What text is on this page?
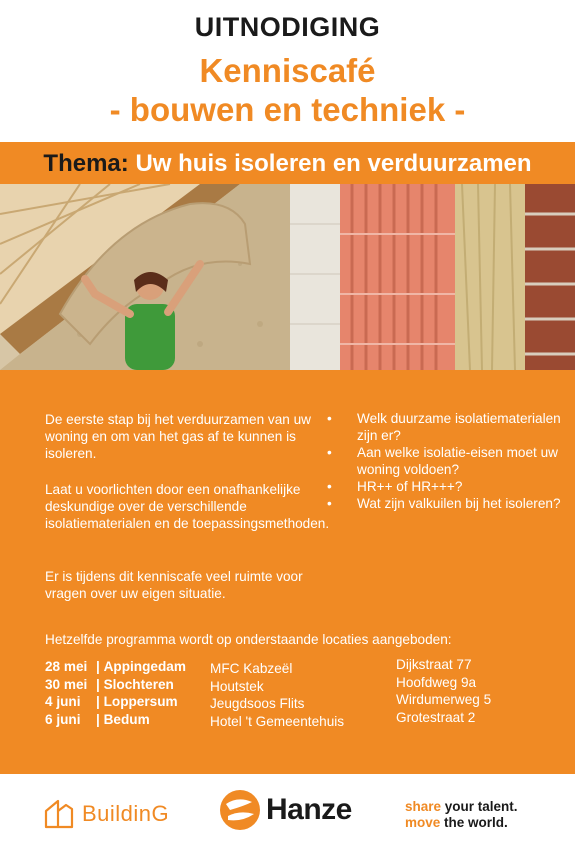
UITNODIGING
Kenniscafé
- bouwen en techniek -
Thema: Uw huis isoleren en verduurzamen

De eerste stap bij het verduurzamen van uw woning en om van het gas af te kunnen is isoleren.

Laat u voorlichten door een onafhankelijke deskundige over de verschillende isolatiematerialen en de toepassingsmethoden.

Er is tijdens dit kenniscafe veel ruimte voor vragen over uw eigen situatie.

• Welk duurzame isolatiematerialen zijn er?
• Aan welke isolatie-eisen moet uw woning voldoen?
• HR++ of HR+++?
• Wat zijn valkuilen bij het isoleren?
Hetzelfde programma wordt op onderstaande locaties aangeboden:
28 mei
30 mei
4 juni
6 juni
| Appingedam
| Slochteren
| Loppersum
| Bedum
MFC Kabzeël
Houtstek
Jeugdsoos Flits
Hotel 't Gemeentehuis
Dijkstraat 77
Hoofdweg 9a
Wirdumerweg 5
Grotestraat 2
BuildinG	Hanze	share your talent.
move the world.
